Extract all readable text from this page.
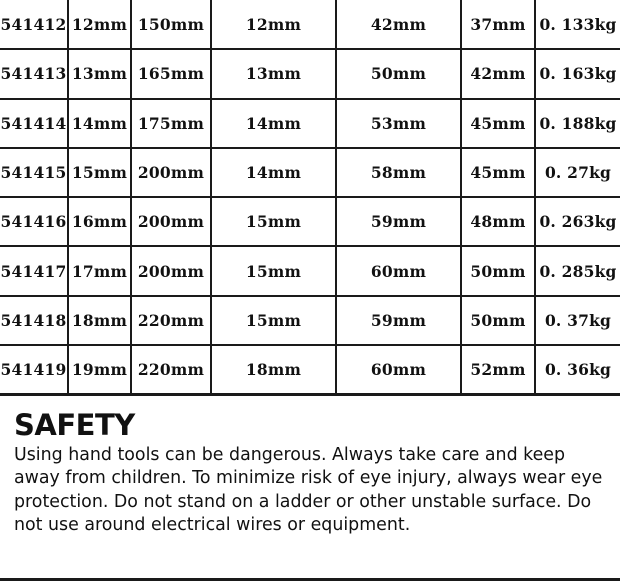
541412	12mm	150mm	12mm	42mm	37mm	0. 133kg
541413	13mm	165mm	13mm	50mm	42mm	0. 163kg
541414	14mm	175mm	14mm	53mm	45mm	0. 188kg
541415	15mm	200mm	14mm	58mm	45mm	0. 27kg
541416	16mm	200mm	15mm	59mm	48mm	0. 263kg
541417	17mm	200mm	15mm	60mm	50mm	0. 285kg
541418	18mm	220mm	15mm	59mm	50mm	0. 37kg
541419	19mm	220mm	18mm	60mm	52mm	0. 36kg
SAFETY

Using hand tools can be dangerous. Always take care and keep away from children. To minimize risk of eye injury, always wear eye protection. Do not stand on a ladder or other unstable surface. Do not use around electrical wires or equipment.
